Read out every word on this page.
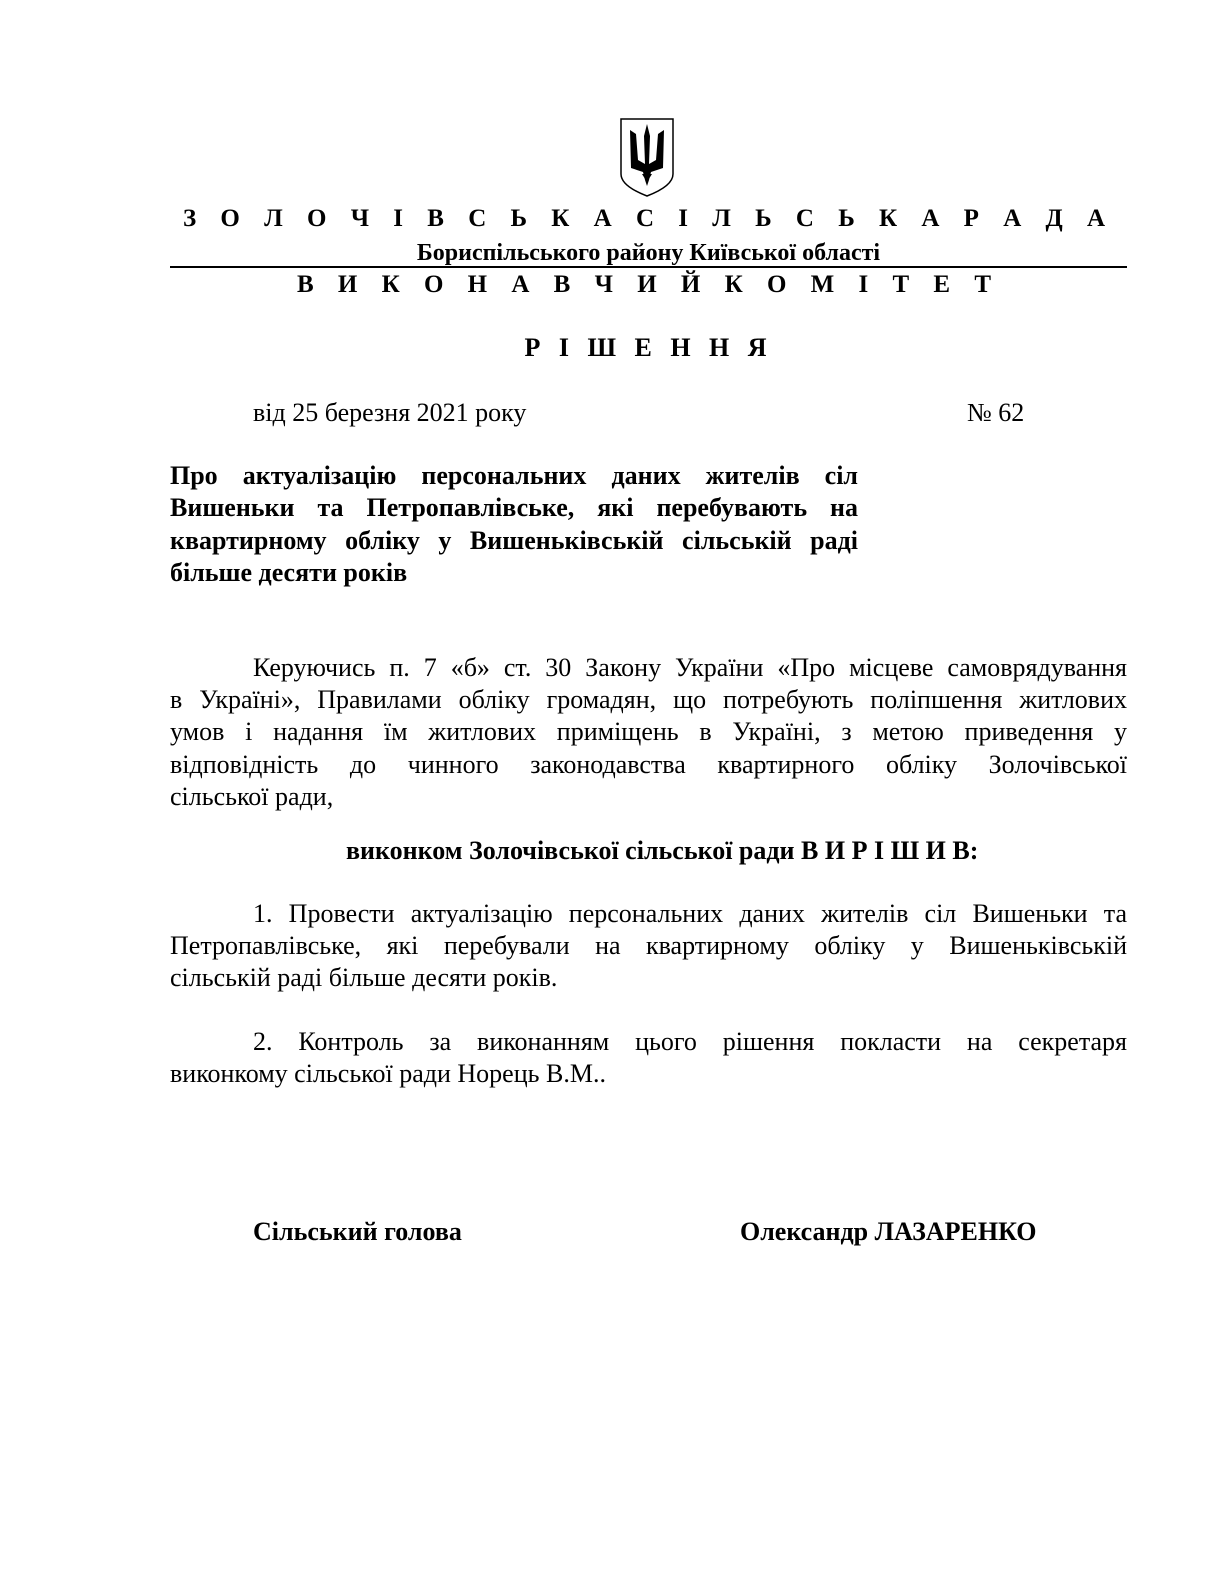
З О Л О Ч І В С Ь К А С І Л Ь С Ь К А Р А Д А
Бориспільського району Київської області
В И К О Н А В Ч И Й К О М І Т Е Т
Р І Ш Е Н Н Я
від 25 березня 2021 року	№ 62
Про актуалізацію персональних даних жителів сіл
Вишеньки та Петропавлівське, які перебувають на
квартирному обліку у Вишеньківській сільській раді
більше десяти років
Керуючись п. 7 «б» ст. 30 Закону України «Про місцеве самоврядування
в Україні», Правилами обліку громадян, що потребують поліпшення житлових
умов і надання їм житлових приміщень в Україні, з метою приведення у
відповідність до чинного законодавства квартирного обліку Золочівської
сільської ради,
виконком Золочівської сільської ради В И Р І Ш И В:
1. Провести актуалізацію персональних даних жителів сіл Вишеньки та
Петропавлівське, які перебували на квартирному обліку у Вишеньківській
сільській раді більше десяти років.
2. Контроль за виконанням цього рішення покласти на секретаря
виконкому сільської ради Норець В.М..
Сільський голова	Олександр ЛАЗАРЕНКО
